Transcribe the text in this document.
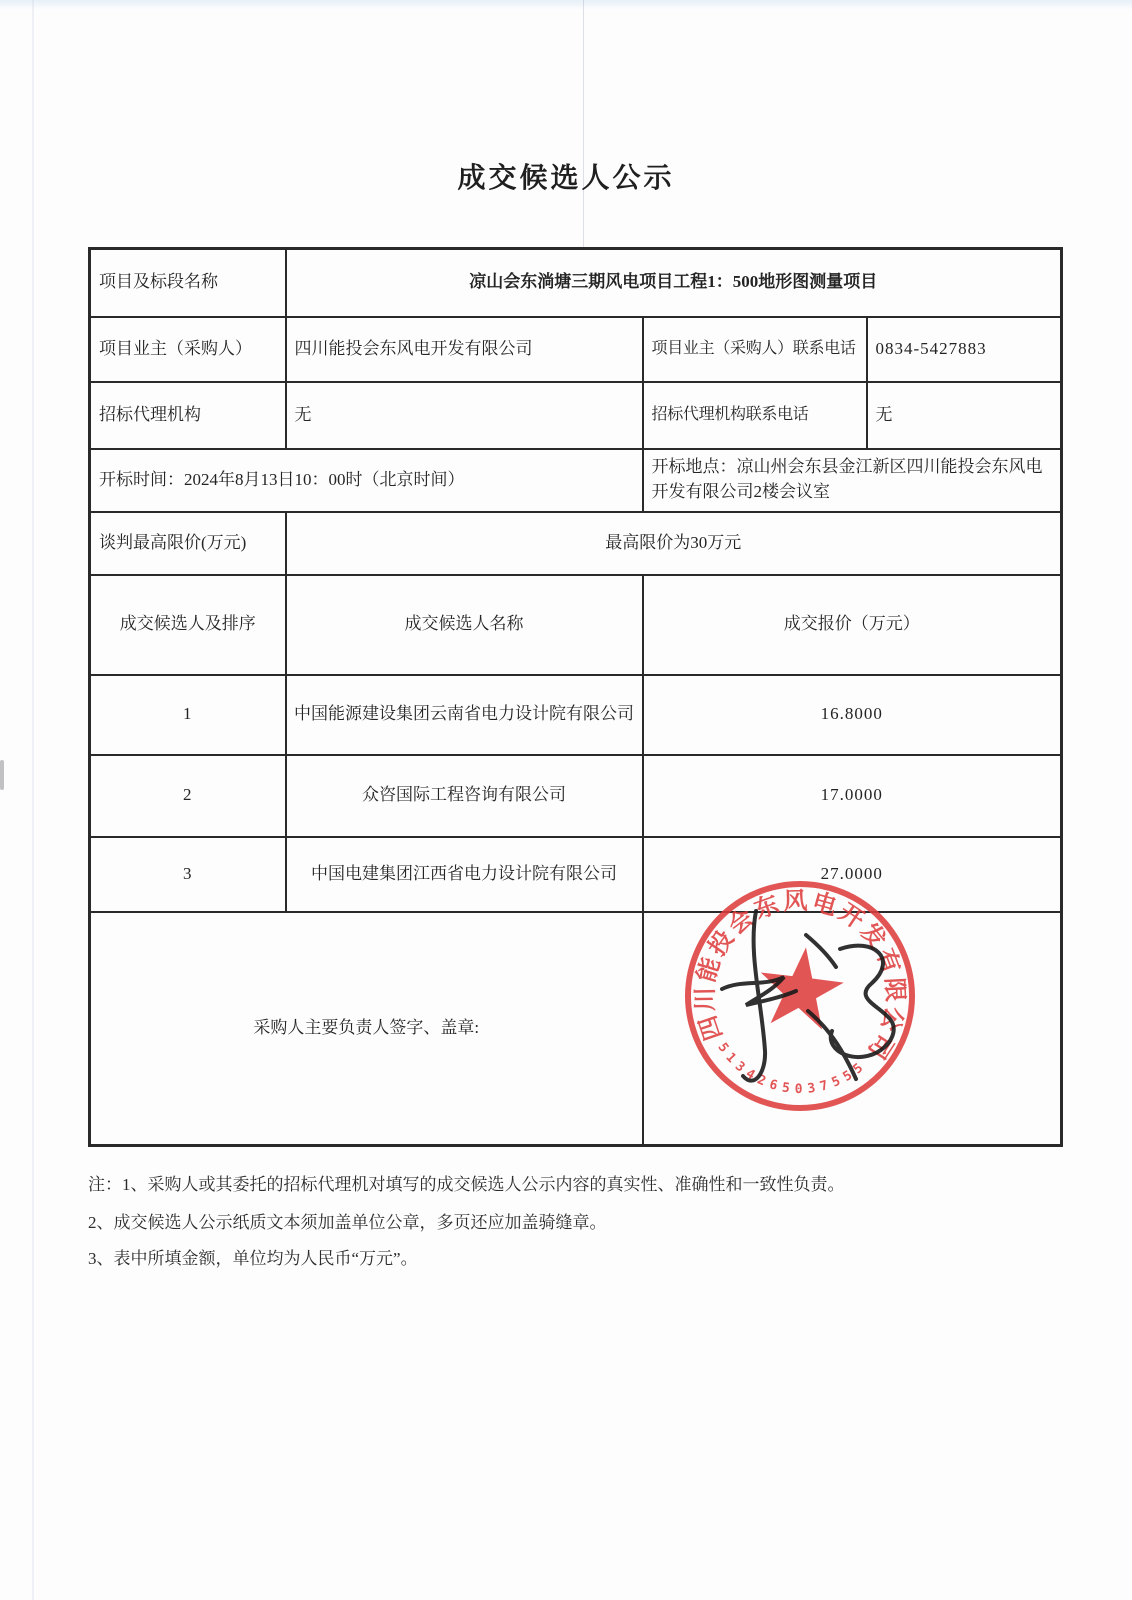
成交候选人公示
项目及标段名称	凉山会东淌塘三期风电项目工程1：500地形图测量项目		
项目业主（采购人）	四川能投会东风电开发有限公司	项目业主（采购人）联系电话	0834-5427883
招标代理机构	无	招标代理机构联系电话	无
开标时间：2024年8月13日10：00时（北京时间）		开标地点：凉山州会东县金江新区四川能投会东风电开发有限公司2楼会议室	
谈判最高限价(万元)	最高限价为30万元		
成交候选人及排序	成交候选人名称	成交报价（万元）	
1	中国能源建设集团云南省电力设计院有限公司	16.8000	
2	众咨国际工程咨询有限公司	17.0000	
3	中国电建集团江西省电力设计院有限公司	27.0000	
采购人主要负责人签字、盖章:				四川能投会东风电开发有限公司
5134265037555
注：1、采购人或其委托的招标代理机对填写的成交候选人公示内容的真实性、准确性和一致性负责。
2、成交候选人公示纸质文本须加盖单位公章，多页还应加盖骑缝章。
3、表中所填金额，单位均为人民币“万元”。
